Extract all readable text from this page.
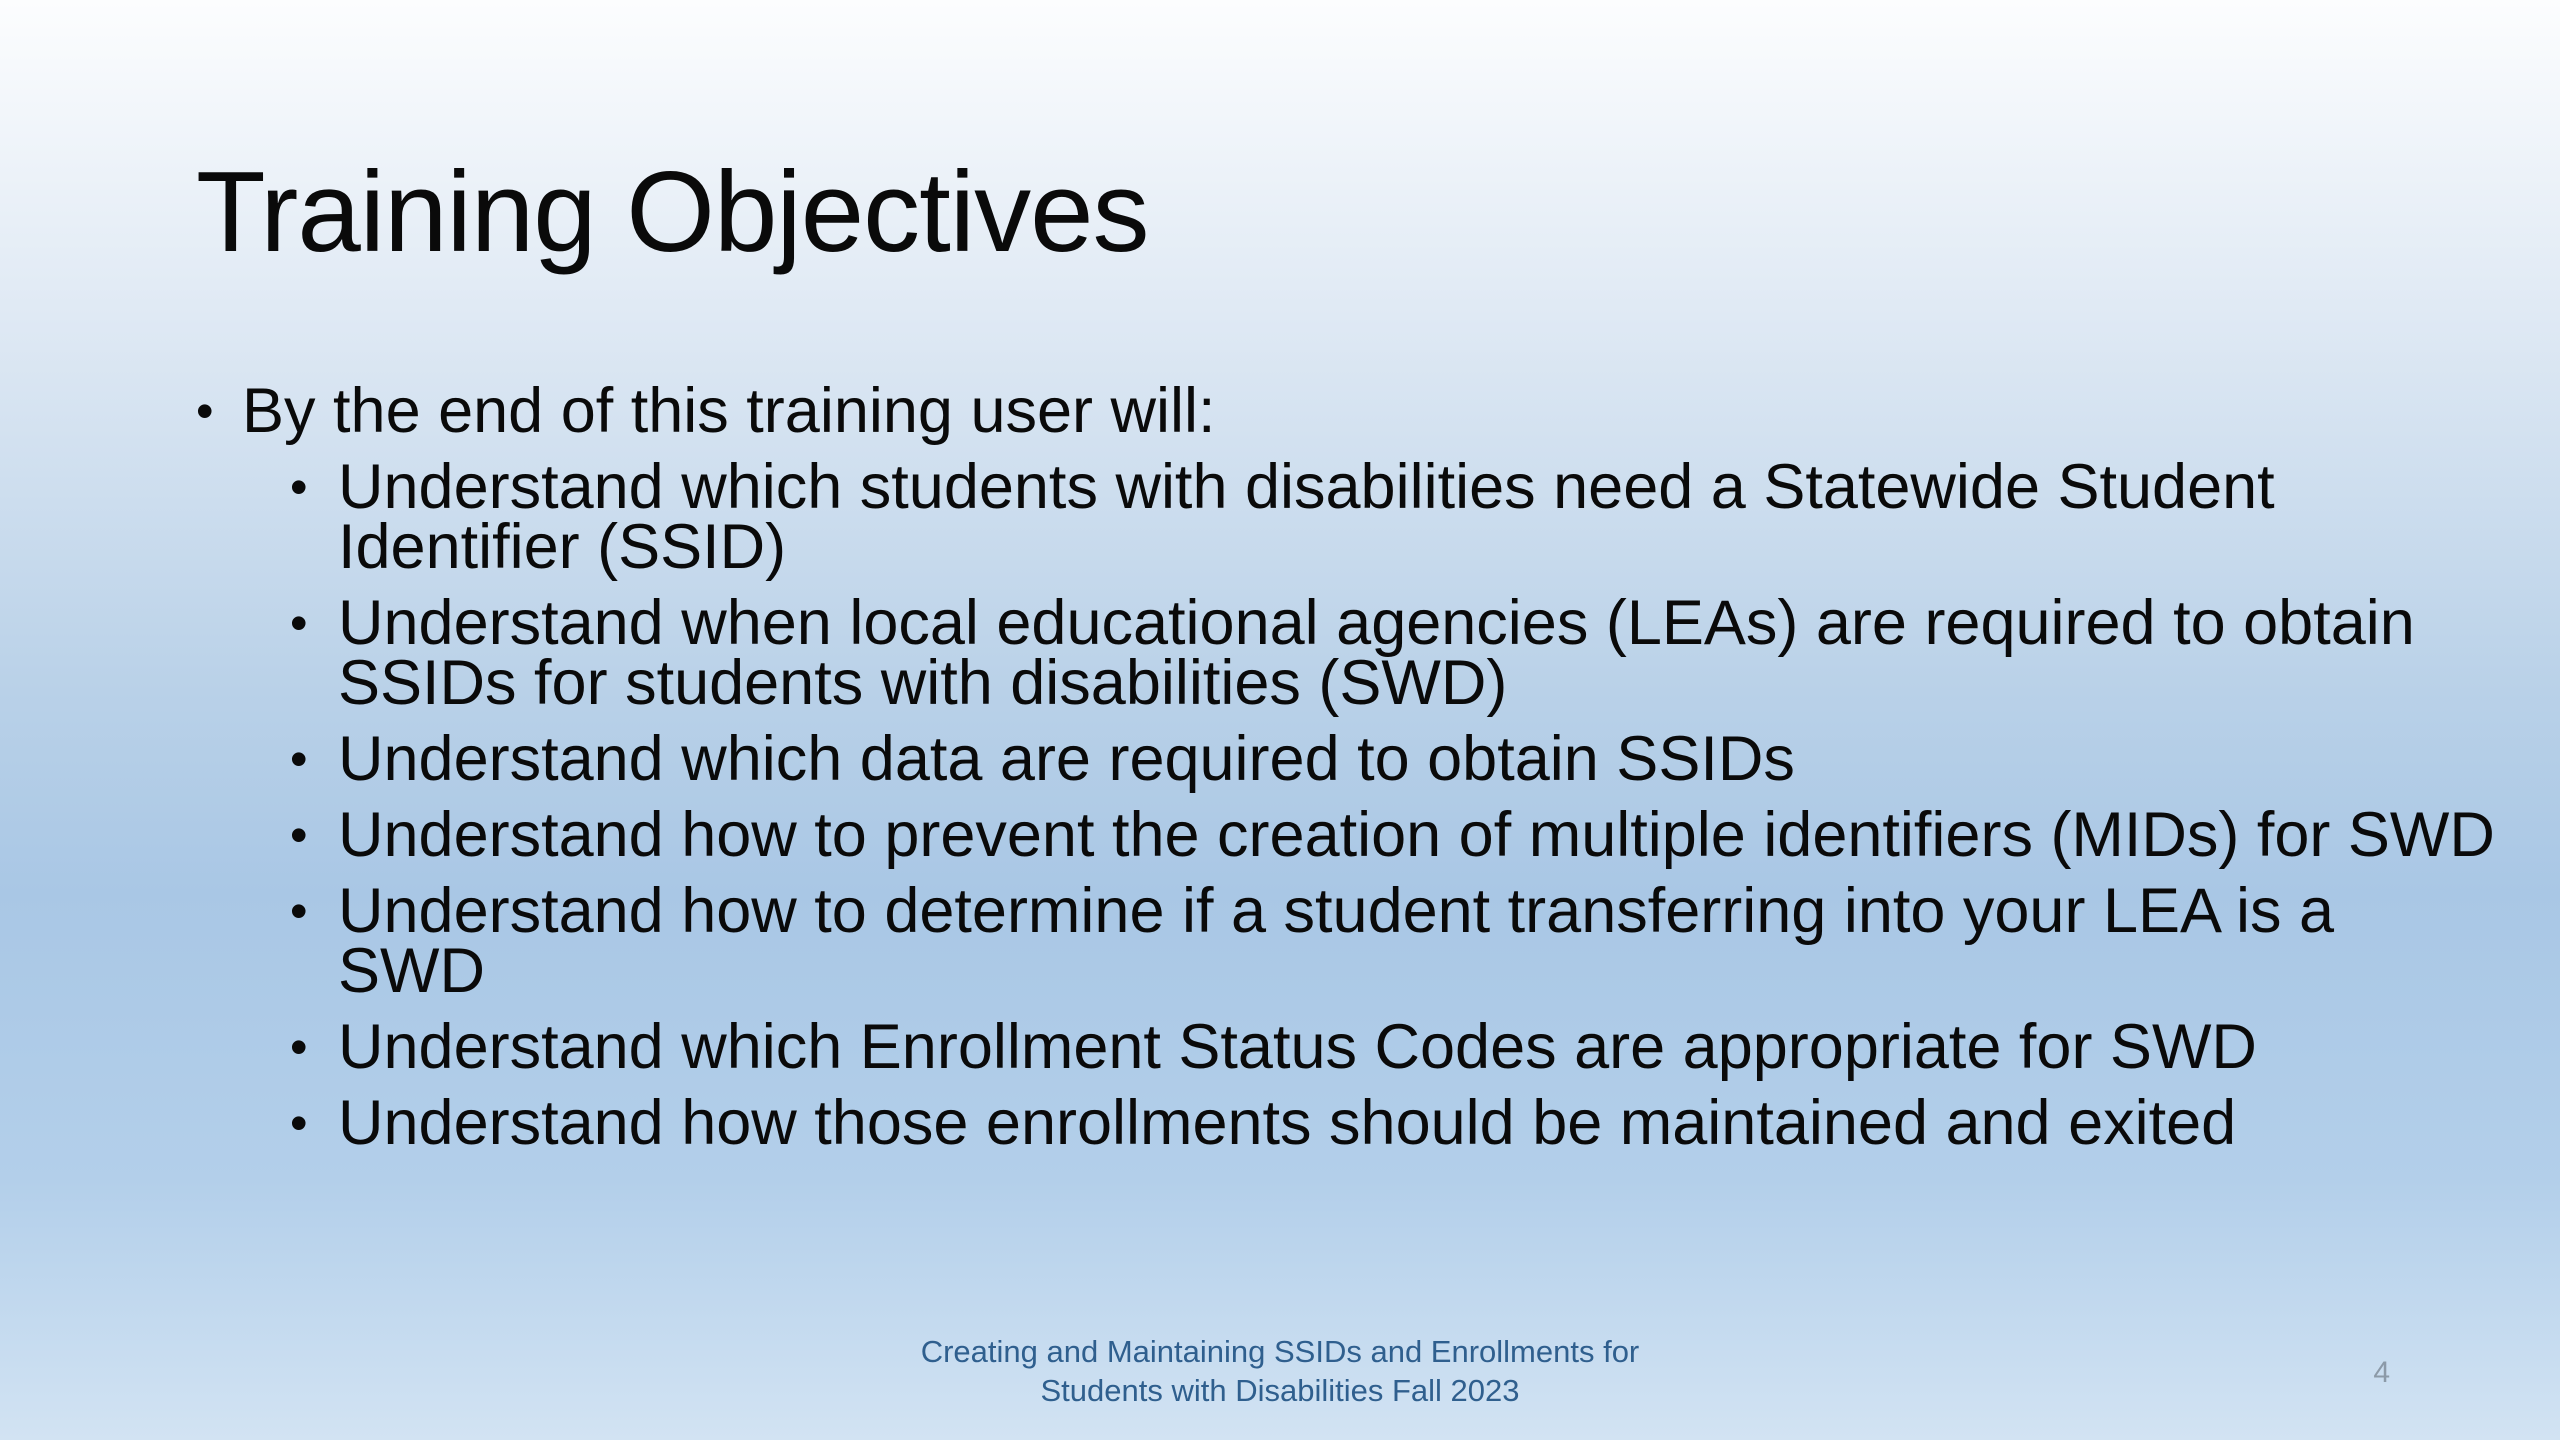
Training Objectives
• By the end of this training user will:
• Understand which students with disabilities need a Statewide Student Identifier (SSID)
• Understand when local educational agencies (LEAs) are required to obtain SSIDs for students with disabilities (SWD)
• Understand which data are required to obtain SSIDs
• Understand how to prevent the creation of multiple identifiers (MIDs) for SWD
• Understand how to determine if a student transferring into your LEA is a  SWD
• Understand which Enrollment Status Codes are appropriate for SWD
• Understand how those enrollments should be maintained and exited
Creating and Maintaining SSIDs and Enrollments for
Students with Disabilities Fall 2023
4
